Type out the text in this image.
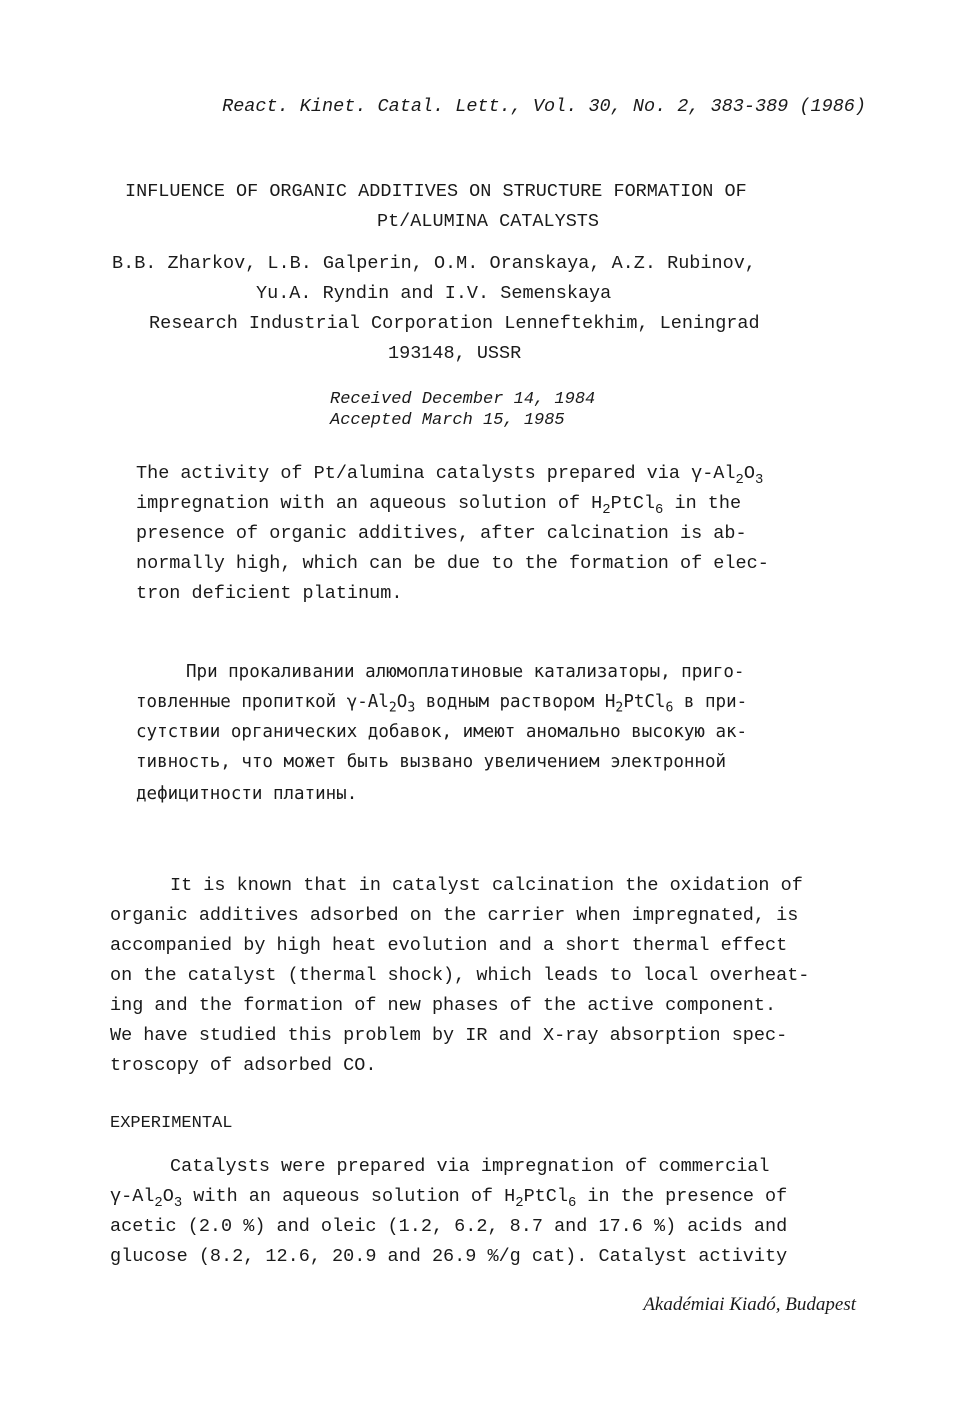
React. Kinet. Catal. Lett., Vol. 30, No. 2, 383-389 (1986)
INFLUENCE OF ORGANIC ADDITIVES ON STRUCTURE FORMATION OF
Pt/ALUMINA CATALYSTS
B.B. Zharkov, L.B. Galperin, O.M. Oranskaya, A.Z. Rubinov,
Yu.A. Ryndin and I.V. Semenskaya
Research Industrial Corporation Lenneftekhim, Leningrad
193148, USSR
Received December 14, 1984
Accepted March 15, 1985
The activity of Pt/alumina catalysts prepared via $\gamma-Al_2O_3$
impregnation with an aqueous solution of $H_2PtCl_6$ in the
presence of organic additives, after calcination is ab-
normally high, which can be due to the formation of elec-
tron deficient platinum.
При прокаливании алюмоплатиновые катализаторы, приго-
товленные пропиткой $\gamma-Al_2O_3$ водным раствором $H_2PtCl_6$ в при-
сутствии органических добавок, имеют аномально высокую ак-
тивность, что может быть вызвано увеличением электронной
дефицитности платины.
It is known that in catalyst calcination the oxidation of
organic additives adsorbed on the carrier when impregnated, is
accompanied by high heat evolution and a short thermal effect
on the catalyst (thermal shock), which leads to local overheat-
ing and the formation of new phases of the active component.
We have studied this problem by IR and X-ray absorption spec-
troscopy of adsorbed CO.
EXPERIMENTAL
Catalysts were prepared via impregnation of commercial
$\gamma-Al_2O_3$ with an aqueous solution of $H_2PtCl_6$ in the presence of
acetic (2.0 %) and oleic (1.2, 6.2, 8.7 and 17.6 %) acids and
glucose (8.2, 12.6, 20.9 and 26.9 %/g cat). Catalyst activity
Akadémiai Kiadó, Budapest
